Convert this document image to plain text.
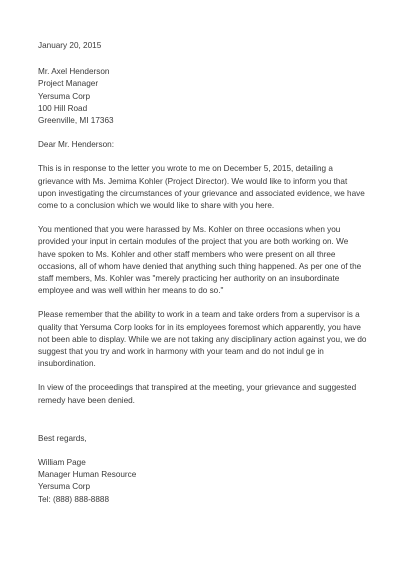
January 20, 2015
Mr. Axel Henderson
Project Manager
Yersuma Corp
100 Hill Road
Greenville, MI 17363
Dear Mr. Henderson:
This is in response to the letter you wrote to me on December 5, 2015, detailing a
grievance with Ms. Jemima Kohler (Project Director). We would like to inform you that
upon investigating the circumstances of your grievance and associated evidence, we have
come to a conclusion which we would like to share with you here.
You mentioned that you were harassed by Ms. Kohler on three occasions when you
provided your input in certain modules of the project that you are both working on. We
have spoken to Ms. Kohler and other staff members who were present on all three
occasions, all of whom have denied that anything such thing happened. As per one of the
staff members, Ms. Kohler was "merely practicing her authority on an insubordinate
employee and was well within her means to do so."
Please remember that the ability to work in a team and take orders from a supervisor is a
quality that Yersuma Corp looks for in its employees foremost which apparently, you have
not been able to display. While we are not taking any disciplinary action against you, we do
suggest that you try and work in harmony with your team and do not indul ge in
insubordination.
In view of the proceedings that transpired at the meeting, your grievance and suggested
remedy have been denied.
Best regards,
William Page
Manager Human Resource
Yersuma Corp
Tel: (888) 888-8888
